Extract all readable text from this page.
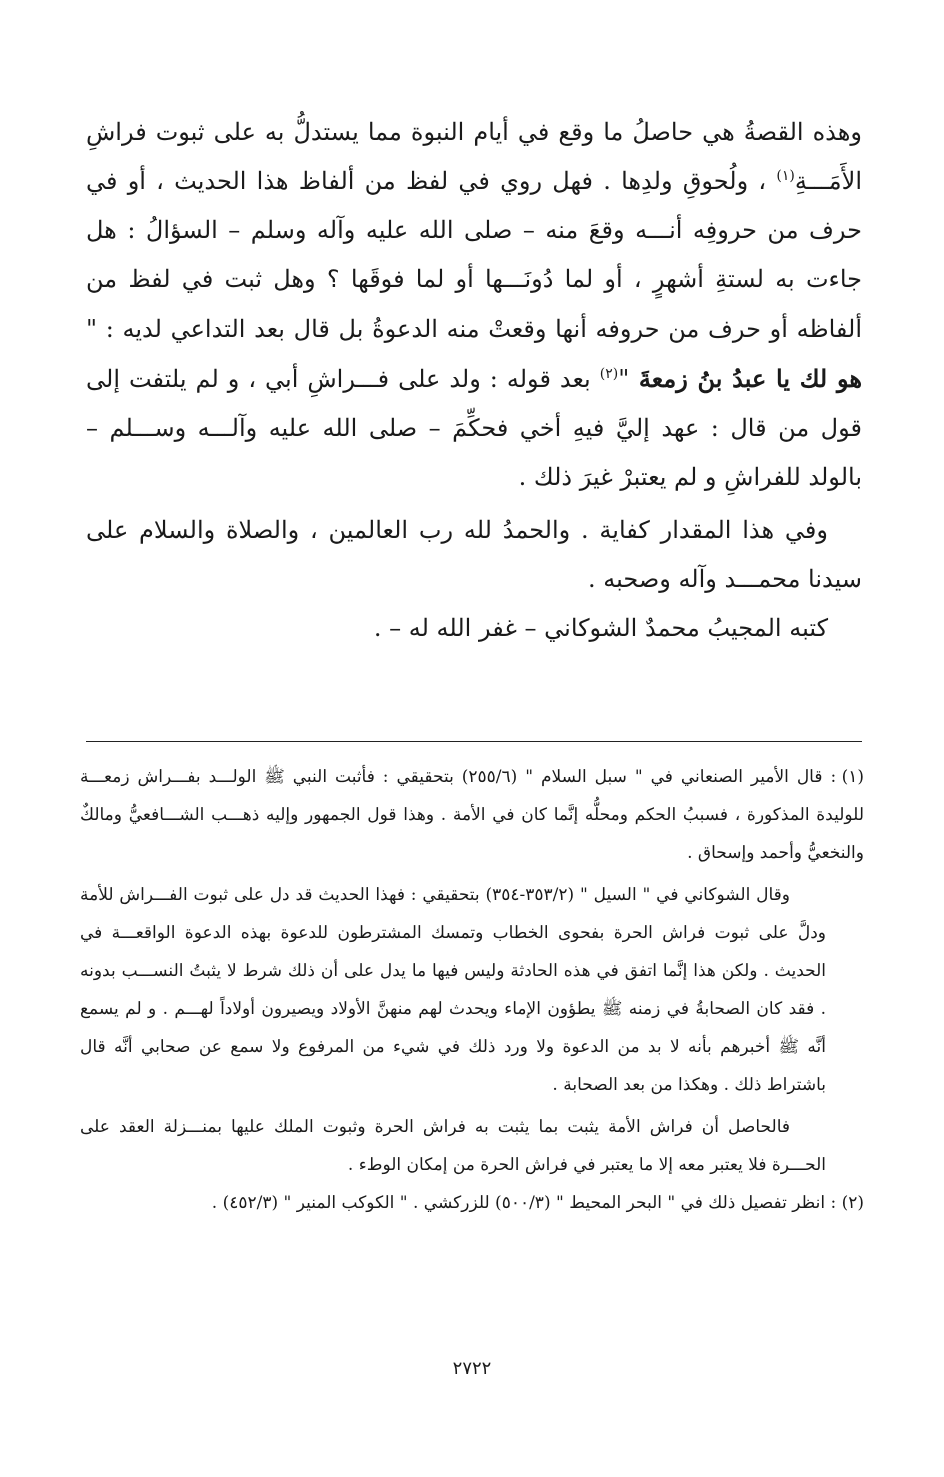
وهذه القصةُ هي حاصلُ ما وقع في أيام النبوة مما يستدلُّ به على ثبوت فراشِ الأَمَـــةِ$^{(١)}$ ، ولُحوقِ ولدِها . فهل روي في لفظ من ألفاظ هذا الحديث ، أو في حرف من حروفِه أنـــه وقعَ منه – صلى الله عليه وآله وسلم – السؤالُ : هل جاءت به لستةِ أشهرٍ ، أو لما دُونَـــها أو لما فوقَها ؟ وهل ثبت في لفظ من ألفاظه أو حرف من حروفه أنها وقعتْ منه الدعوةُ بل قال بعد التداعي لديه : " هو لك يا عبدُ بنُ زمعةَ "$^{(٢)}$ بعد قوله : ولد على فـــراشِ أبي ، و لم يلتفت إلى قول من قال : عهد إليَّ فيهِ أخي فحكِّمَ – صلى الله عليه وآلـــه وســـلم – بالولد للفراشِ و لم يعتبرْ غيرَ ذلك .

وفي هذا المقدار كفاية . والحمدُ لله رب العالمين ، والصلاة والسلام على سيدنا محمـــد وآله وصحبه .

كتبه المجيبُ محمدٌ الشوكاني – غفر الله له – .

(١) : قال الأمير الصنعاني في " سبل السلام " (٢٥٥/٦) بتحقيقي : فأثبت النبي ﷺ الولـــد بفـــراش زمعـــة للوليدة المذكورة ، فسببُ الحكم ومحلُّه إنَّما كان في الأمة . وهذا قول الجمهور وإليه ذهـــب الشـــافعيُّ ومالكٌ والنخعيُّ وأحمد وإسحاق .

وقال الشوكاني في " السيل " (٣٥٣/٢-٣٥٤) بتحقيقي : فهذا الحديث قد دل على ثبوت الفـــراش للأمة ودلَّ على ثبوت فراش الحرة بفحوى الخطاب وتمسك المشترطون للدعوة بهذه الدعوة الواقعـــة في الحديث . ولكن هذا إنَّما اتفق في هذه الحادثة وليس فيها ما يدل على أن ذلك شرط لا يثبتُ النســـب بدونه . فقد كان الصحابةُ في زمنه ﷺ يطؤون الإماء ويحدث لهم منهنَّ الأولاد ويصيرون أولاداً لهـــم . و لم يسمع أنَّه ﷺ أخبرهم بأنه لا بد من الدعوة ولا ورد ذلك في شيء من المرفوع ولا سمع عن صحابي أنَّه قال باشتراط ذلك . وهكذا من بعد الصحابة .

فالحاصل أن فراش الأمة يثبت بما يثبت به فراش الحرة وثبوت الملك عليها بمنـــزلة العقد على الحـــرة فلا يعتبر معه إلا ما يعتبر في فراش الحرة من إمكان الوطء .

(٢) : انظر تفصيل ذلك في " البحر المحيط " (٥٠٠/٣) للزركشي . " الكوكب المنير " (٤٥٢/٣) .

٢٧٢٢
